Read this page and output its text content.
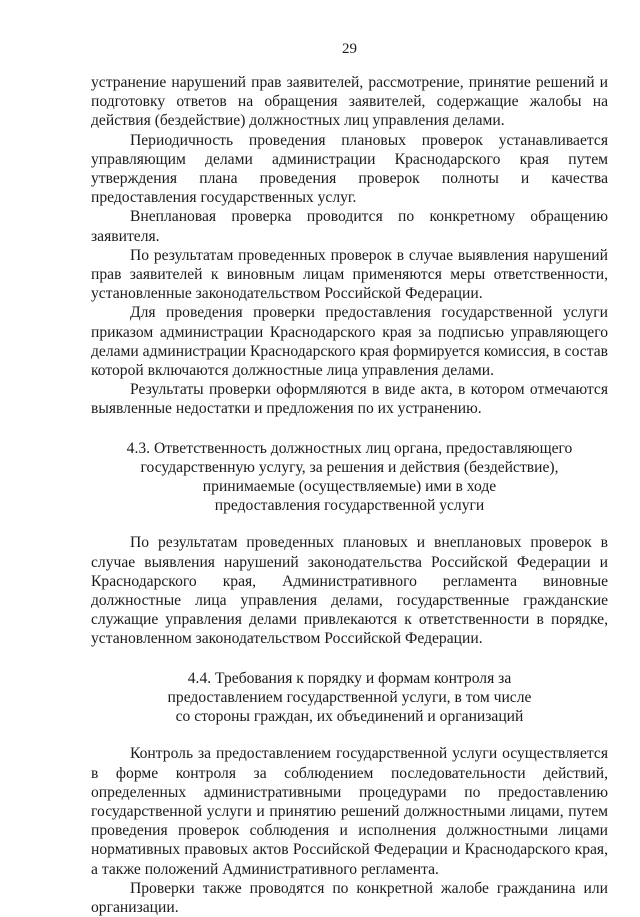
29

устранение нарушений прав заявителей, рассмотрение, принятие решений и подготовку ответов на обращения заявителей, содержащие жалобы на действия (бездействие) должностных лиц управления делами.

Периодичность проведения плановых проверок устанавливается управляющим делами администрации Краснодарского края путем утверждения плана проведения проверок полноты и качества предоставления государственных услуг.

Внеплановая проверка проводится по конкретному обращению заявителя.

По результатам проведенных проверок в случае выявления нарушений прав заявителей к виновным лицам применяются меры ответственности, установленные законодательством Российской Федерации.

Для проведения проверки предоставления государственной услуги приказом администрации Краснодарского края за подписью управляющего делами администрации Краснодарского края формируется комиссия, в состав которой включаются должностные лица управления делами.

Результаты проверки оформляются в виде акта, в котором отмечаются выявленные недостатки и предложения по их устранению.

4.3. Ответственность должностных лиц органа, предоставляющего
государственную услугу, за решения и действия (бездействие),
принимаемые (осуществляемые) ими в ходе
предоставления государственной услуги

По результатам проведенных плановых и внеплановых проверок в случае выявления нарушений законодательства Российской Федерации и Краснодарского края, Административного регламента виновные должностные лица управления делами, государственные гражданские служащие управления делами привлекаются к ответственности в порядке, установленном законодательством Российской Федерации.

4.4. Требования к порядку и формам контроля за
предоставлением государственной услуги, в том числе
со стороны граждан, их объединений и организаций

Контроль за предоставлением государственной услуги осуществляется в форме контроля за соблюдением последовательности действий, определенных административными процедурами по предоставлению государственной услуги и принятию решений должностными лицами, путем проведения проверок соблюдения и исполнения должностными лицами нормативных правовых актов Российской Федерации и Краснодарского края, а также положений Административного регламента.

Проверки также проводятся по конкретной жалобе гражданина или организации.
